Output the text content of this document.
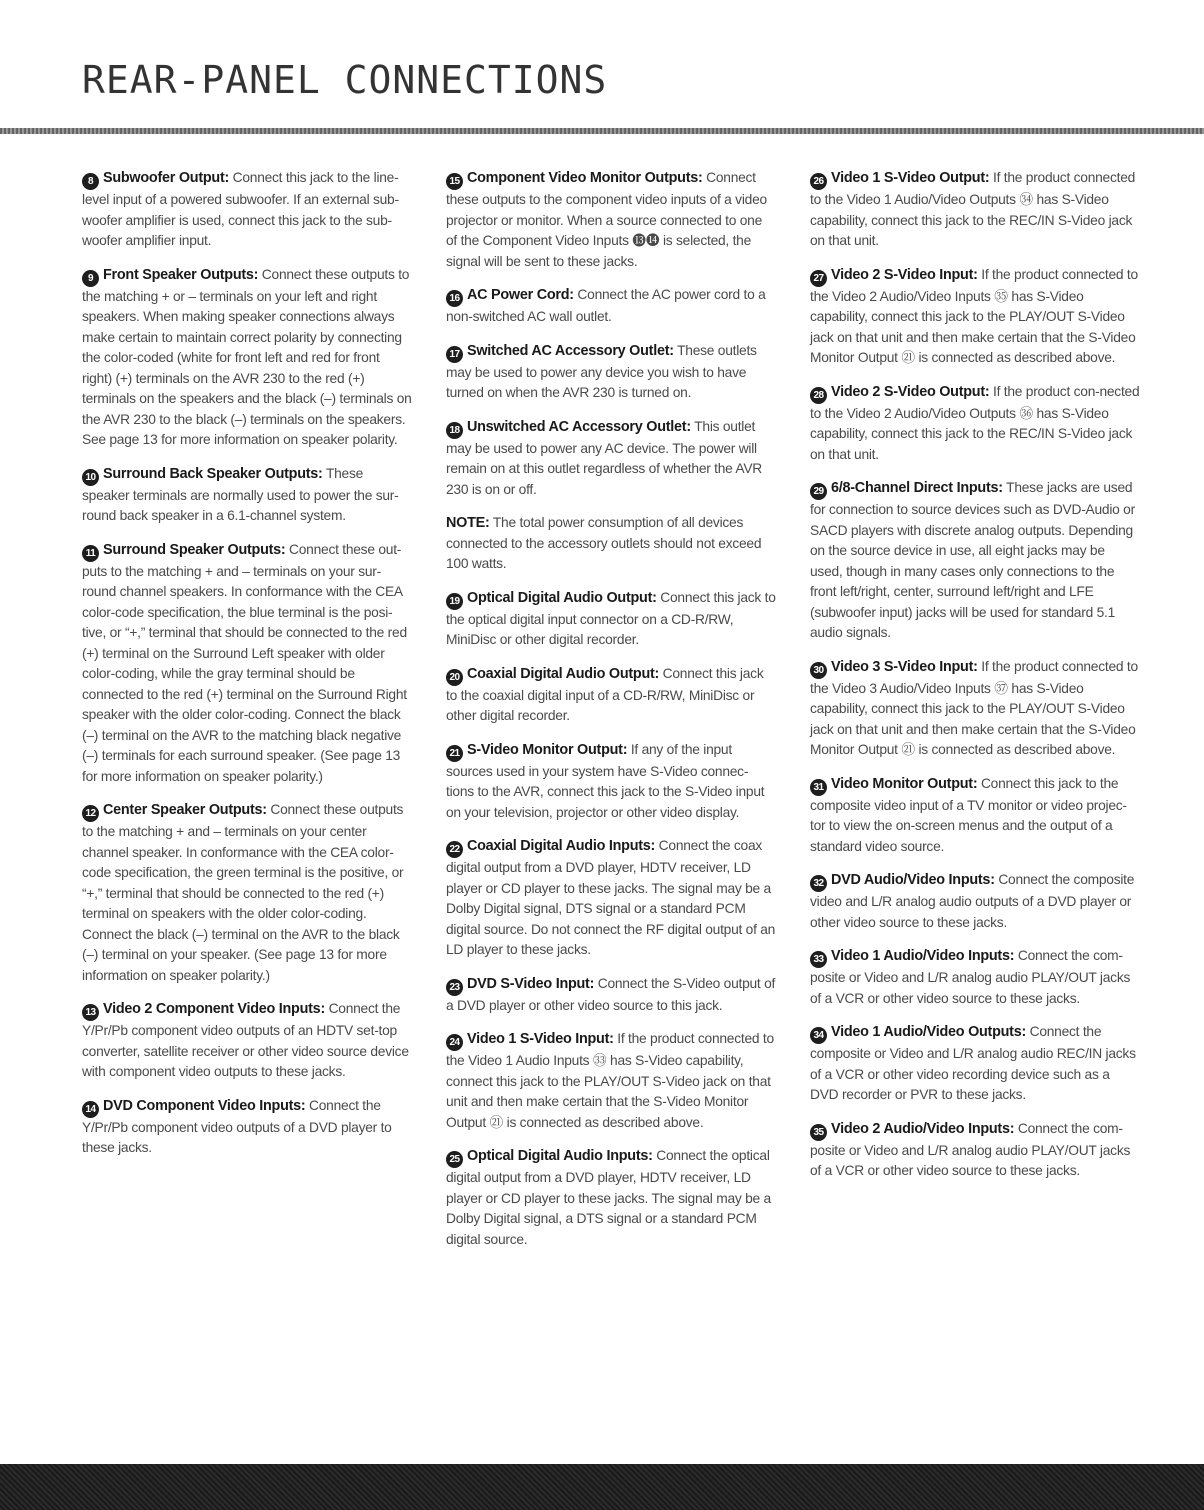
REAR-PANEL CONNECTIONS

8 Subwoofer Output: Connect this jack to the line-level input of a powered subwoofer. If an external sub-woofer amplifier is used, connect this jack to the sub-woofer amplifier input.

9 Front Speaker Outputs: Connect these outputs to the matching + or – terminals on your left and right speakers. When making speaker connections always make certain to maintain correct polarity by connecting the color-coded (white for front left and red for front right) (+) terminals on the AVR 230 to the red (+) terminals on the speakers and the black (–) terminals on the AVR 230 to the black (–) terminals on the speakers. See page 13 for more information on speaker polarity.

10 Surround Back Speaker Outputs: These speaker terminals are normally used to power the sur-round back speaker in a 6.1-channel system.

11 Surround Speaker Outputs: Connect these out-puts to the matching + and – terminals on your sur-round channel speakers. In conformance with the CEA color-code specification, the blue terminal is the posi-tive, or “+,” terminal that should be connected to the red (+) terminal on the Surround Left speaker with older color-coding, while the gray terminal should be connected to the red (+) terminal on the Surround Right speaker with the older color-coding. Connect the black (–) terminal on the AVR to the matching black negative (–) terminals for each surround speaker. (See page 13 for more information on speaker polarity.)

12 Center Speaker Outputs: Connect these outputs to the matching + and – terminals on your center channel speaker. In conformance with the CEA color-code specification, the green terminal is the positive, or “+,” terminal that should be connected to the red (+) terminal on speakers with the older color-coding. Connect the black (–) terminal on the AVR to the black (–) terminal on your speaker. (See page 13 for more information on speaker polarity.)

13 Video 2 Component Video Inputs: Connect the Y/Pr/Pb component video outputs of an HDTV set-top converter, satellite receiver or other video source device with component video outputs to these jacks.

14 DVD Component Video Inputs: Connect the Y/Pr/Pb component video outputs of a DVD player to these jacks.

15 Component Video Monitor Outputs: Connect these outputs to the component video inputs of a video projector or monitor. When a source connected to one of the Component Video Inputs ⓭⓮ is selected, the signal will be sent to these jacks.

16 AC Power Cord: Connect the AC power cord to a non-switched AC wall outlet.

17 Switched AC Accessory Outlet: These outlets may be used to power any device you wish to have turned on when the AVR 230 is turned on.

18 Unswitched AC Accessory Outlet: This outlet may be used to power any AC device. The power will remain on at this outlet regardless of whether the AVR 230 is on or off.

NOTE: The total power consumption of all devices connected to the accessory outlets should not exceed 100 watts.

19 Optical Digital Audio Output: Connect this jack to the optical digital input connector on a CD-R/RW, MiniDisc or other digital recorder.

20 Coaxial Digital Audio Output: Connect this jack to the coaxial digital input of a CD-R/RW, MiniDisc or other digital recorder.

21 S-Video Monitor Output: If any of the input sources used in your system have S-Video connec-tions to the AVR, connect this jack to the S-Video input on your television, projector or other video display.

22 Coaxial Digital Audio Inputs: Connect the coax digital output from a DVD player, HDTV receiver, LD player or CD player to these jacks. The signal may be a Dolby Digital signal, DTS signal or a standard PCM digital source. Do not connect the RF digital output of an LD player to these jacks.

23 DVD S-Video Input: Connect the S-Video output of a DVD player or other video source to this jack.

24 Video 1 S-Video Input: If the product connected to the Video 1 Audio Inputs ㉝ has S-Video capability, connect this jack to the PLAY/OUT S-Video jack on that unit and then make certain that the S-Video Monitor Output ㉑ is connected as described above.

25 Optical Digital Audio Inputs: Connect the optical digital output from a DVD player, HDTV receiver, LD player or CD player to these jacks. The signal may be a Dolby Digital signal, a DTS signal or a standard PCM digital source.

26 Video 1 S-Video Output: If the product connected to the Video 1 Audio/Video Outputs ㉞ has S-Video capability, connect this jack to the REC/IN S-Video jack on that unit.

27 Video 2 S-Video Input: If the product connected to the Video 2 Audio/Video Inputs ㉟ has S-Video capability, connect this jack to the PLAY/OUT S-Video jack on that unit and then make certain that the S-Video Monitor Output ㉑ is connected as described above.

28 Video 2 S-Video Output: If the product con-nected to the Video 2 Audio/Video Outputs ㊱ has S-Video capability, connect this jack to the REC/IN S-Video jack on that unit.

29 6/8-Channel Direct Inputs: These jacks are used for connection to source devices such as DVD-Audio or SACD players with discrete analog outputs. Depending on the source device in use, all eight jacks may be used, though in many cases only connections to the front left/right, center, surround left/right and LFE (subwoofer input) jacks will be used for standard 5.1 audio signals.

30 Video 3 S-Video Input: If the product connected to the Video 3 Audio/Video Inputs ㊲ has S-Video capability, connect this jack to the PLAY/OUT S-Video jack on that unit and then make certain that the S-Video Monitor Output ㉑ is connected as described above.

31 Video Monitor Output: Connect this jack to the composite video input of a TV monitor or video projec-tor to view the on-screen menus and the output of a standard video source.

32 DVD Audio/Video Inputs: Connect the composite video and L/R analog audio outputs of a DVD player or other video source to these jacks.

33 Video 1 Audio/Video Inputs: Connect the com-posite or Video and L/R analog audio PLAY/OUT jacks of a VCR or other video source to these jacks.

34 Video 1 Audio/Video Outputs: Connect the composite or Video and L/R analog audio REC/IN jacks of a VCR or other video recording device such as a DVD recorder or PVR to these jacks.

35 Video 2 Audio/Video Inputs: Connect the com-posite or Video and L/R analog audio PLAY/OUT jacks of a VCR or other video source to these jacks.
